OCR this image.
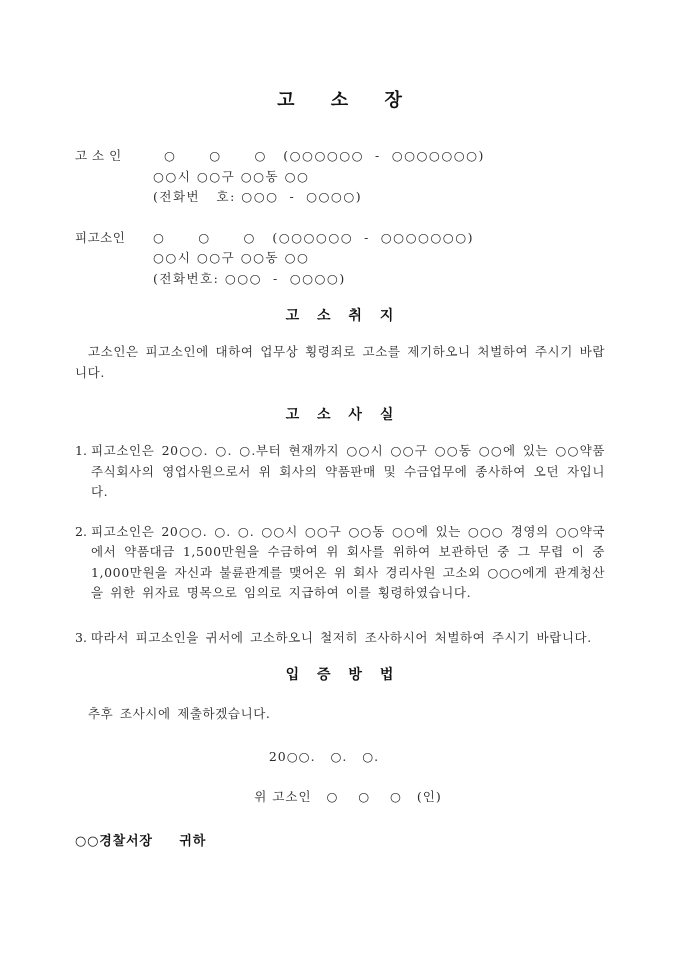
고 소 장
고 소 인	○      ○      ○   (○○○○○○  -  ○○○○○○○)
○○시 ○○구 ○○동 ○○
(전화번   호: ○○○  -  ○○○○)
피고소인	○      ○      ○   (○○○○○○  -  ○○○○○○○)
○○시 ○○구 ○○동 ○○
(전화번호: ○○○  -  ○○○○)
고 소 취 지

고소인은 피고소인에 대하여 업무상 횡령죄로 고소를 제기하오니 처벌하여 주시기 바랍니다.

고 소 사 실
1. 피고소인은 20○○. ○. ○.부터 현재까지 ○○시 ○○구 ○○동 ○○에 있는 ○○약품 주식회사의 영업사원으로서 위 회사의 약품판매 및 수금업무에 종사하여 오던 자입니다.
2. 피고소인은 20○○. ○. ○. ○○시 ○○구 ○○동 ○○에 있는 ○○○ 경영의 ○○약국에서 약품대금 1,500만원을 수금하여 위 회사를 위하여 보관하던 중 그 무렵 이 중 1,000만원을 자신과 불륜관계를 맺어온 위 회사 경리사원 고소외 ○○○에게 관계청산을 위한 위자료 명목으로 임의로 지급하여 이를 횡령하였습니다.
3. 따라서 피고소인을 귀서에 고소하오니 철저히 조사하시어 처벌하여 주시기 바랍니다.
입 증 방 법

추후 조사시에 제출하겠습니다.

20○○.   ○.   ○.
위 고소인   ○    ○    ○   (인)
○○경찰서장     귀하
